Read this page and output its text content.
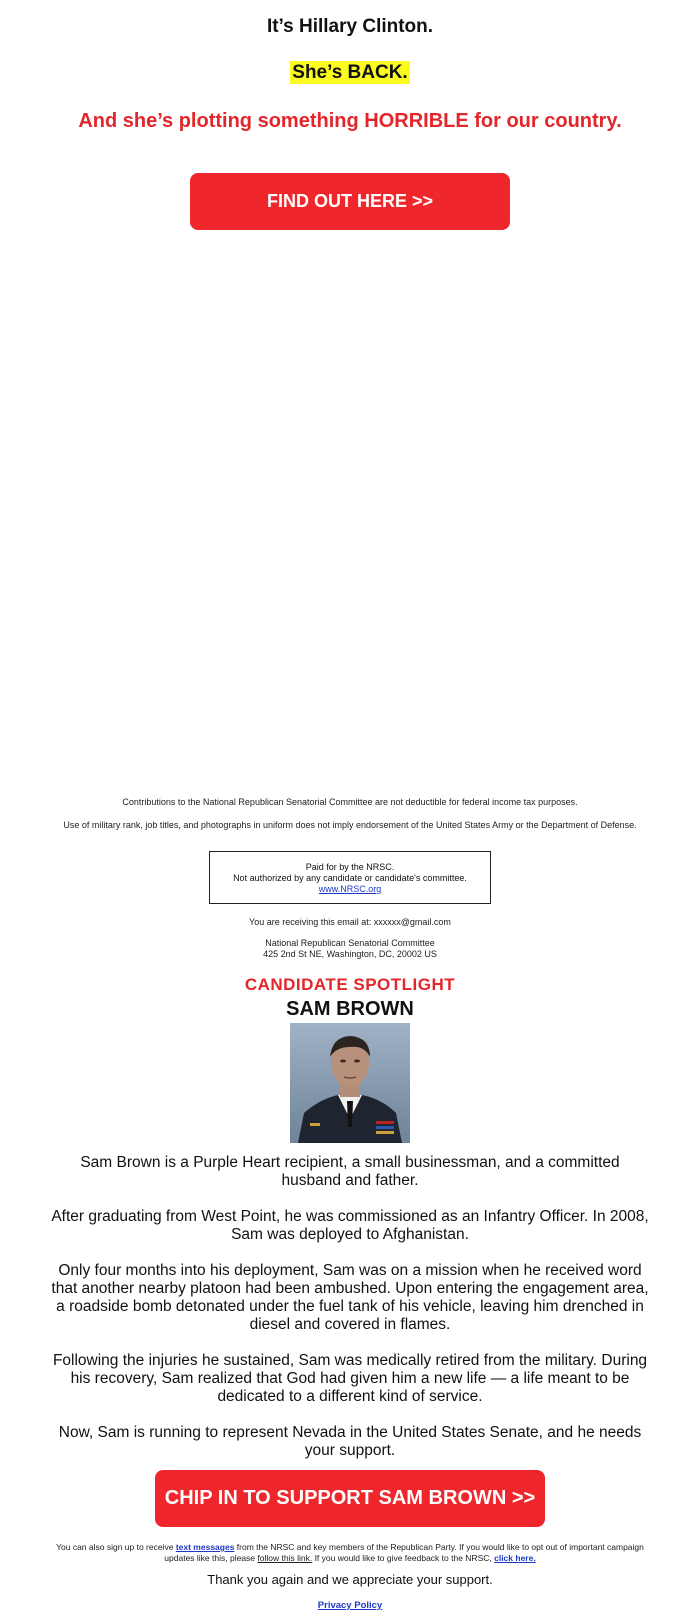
It’s Hillary Clinton.
She’s BACK.
And she’s plotting something HORRIBLE for our country.
FIND OUT HERE >>
Contributions to the National Republican Senatorial Committee are not deductible for federal income tax purposes.
Use of military rank, job titles, and photographs in uniform does not imply endorsement of the United States Army or the Department of Defense.
Paid for by the NRSC.
Not authorized by any candidate or candidate's committee.
www.NRSC.org
You are receiving this email at: xxxxxx@gmail.com
National Republican Senatorial Committee
425 2nd St NE, Washington, DC, 20002 US
CANDIDATE SPOTLIGHT
SAM BROWN
Sam Brown is a Purple Heart recipient, a small businessman, and a committed husband and father.
After graduating from West Point, he was commissioned as an Infantry Officer. In 2008, Sam was deployed to Afghanistan.
Only four months into his deployment, Sam was on a mission when he received word that another nearby platoon had been ambushed. Upon entering the engagement area, a roadside bomb detonated under the fuel tank of his vehicle, leaving him drenched in diesel and covered in flames.
Following the injuries he sustained, Sam was medically retired from the military. During his recovery, Sam realized that God had given him a new life — a life meant to be dedicated to a different kind of service.
Now, Sam is running to represent Nevada in the United States Senate, and he needs your support.
CHIP IN TO SUPPORT SAM BROWN >>
You can also sign up to receive text messages from the NRSC and key members of the Republican Party. If you would like to opt out of important campaign updates like this, please follow this link. If you would like to give feedback to the NRSC, click here.
Thank you again and we appreciate your support.
Privacy Policy
